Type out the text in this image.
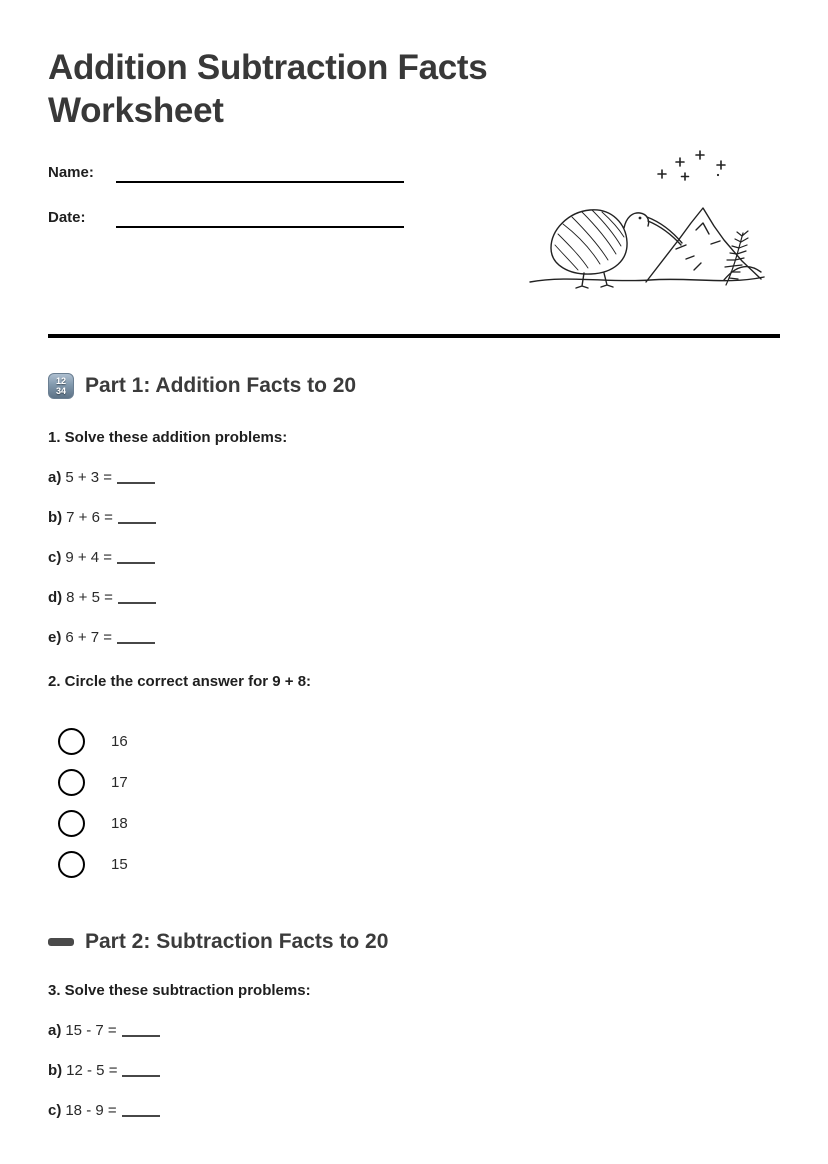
Addition Subtraction Facts Worksheet
Name:
Date:
12
34 Part 1: Addition Facts to 20
1. Solve these addition problems:
a) 5 + 3 =
b) 7 + 6 =
c) 9 + 4 =
d) 8 + 5 =
e) 6 + 7 =
2. Circle the correct answer for 9 + 8:
16
17
18
15
Part 2: Subtraction Facts to 20
3. Solve these subtraction problems:
a) 15 - 7 =
b) 12 - 5 =
c) 18 - 9 =
